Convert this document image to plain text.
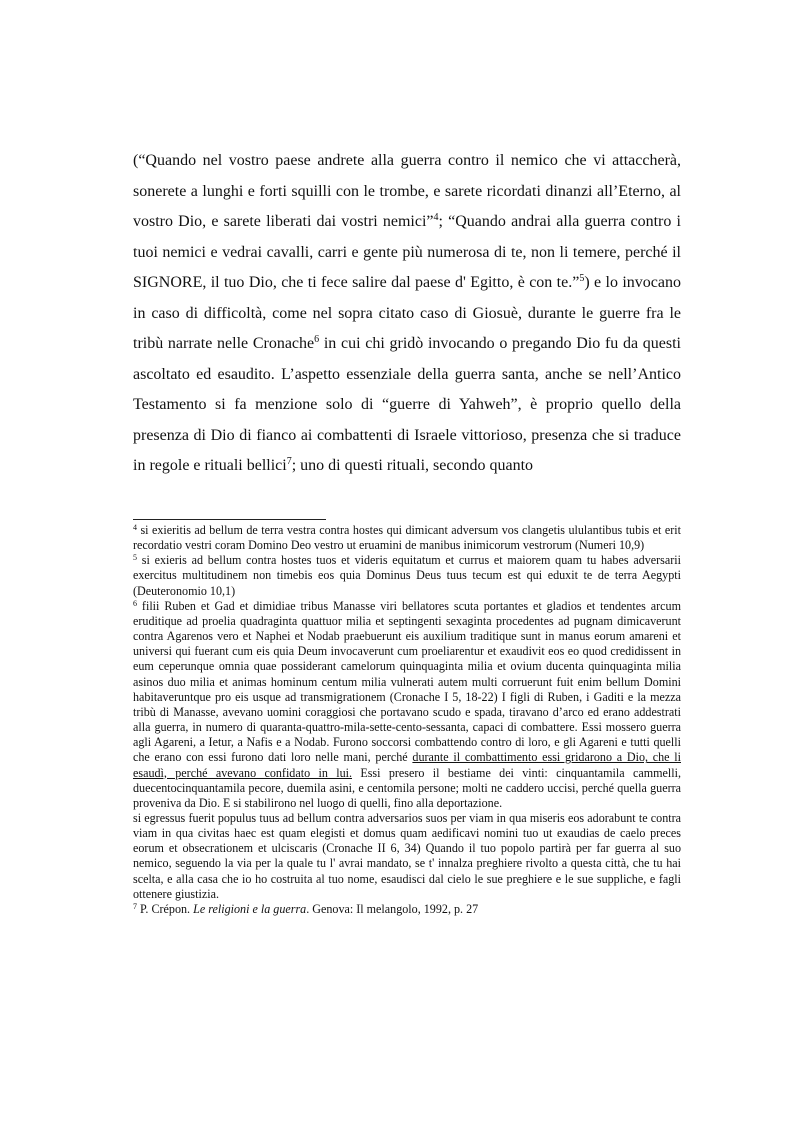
(“Quando nel vostro paese andrete alla guerra contro il nemico che vi attaccherà, sonerete a lunghi e forti squilli con le trombe, e sarete ricordati dinanzi all’Eterno, al vostro Dio, e sarete liberati dai vostri nemici”$^4$; “Quando andrai alla guerra contro i tuoi nemici e vedrai cavalli, carri e gente più numerosa di te, non li temere, perché il SIGNORE, il tuo Dio, che ti fece salire dal paese d' Egitto, è con te.”$^5$) e lo invocano in caso di difficoltà, come nel sopra citato caso di Giosuè, durante le guerre fra le tribù narrate nelle Cronache$^6$ in cui chi gridò invocando o pregando Dio fu da questi ascoltato ed esaudito. L’aspetto essenziale della guerra santa, anche se nell’Antico Testamento si fa menzione solo di “guerre di Yahweh”, è proprio quello della presenza di Dio di fianco ai combattenti di Israele vittorioso, presenza che si traduce in regole e rituali bellici$^7$; uno di questi rituali, secondo quanto

$^4$ si exieritis ad bellum de terra vestra contra hostes qui dimicant adversum vos clangetis ululantibus tubis et erit recordatio vestri coram Domino Deo vestro ut eruamini de manibus inimicorum vestrorum (Numeri 10,9)

$^5$ si exieris ad bellum contra hostes tuos et videris equitatum et currus et maiorem quam tu habes adversarii exercitus multitudinem non timebis eos quia Dominus Deus tuus tecum est qui eduxit te de terra Aegypti (Deuteronomio 10,1)

$^6$ filii Ruben et Gad et dimidiae tribus Manasse viri bellatores scuta portantes et gladios et tendentes arcum eruditique ad proelia quadraginta quattuor milia et septingenti sexaginta procedentes ad pugnam dimicaverunt contra Agarenos vero et Naphei et Nodab praebuerunt eis auxilium traditique sunt in manus eorum amareni et universi qui fuerant cum eis quia Deum invocaverunt cum proeliarentur et exaudivit eos eo quod credidissent in eum ceperunque omnia quae possiderant camelorum quinquaginta milia et ovium ducenta quinquaginta milia asinos duo milia et animas hominum centum milia vulnerati autem multi corruerunt fuit enim bellum Domini habitaveruntque pro eis usque ad transmigrationem (Cronache I 5, 18-22) I figli di Ruben, i Gaditi e la mezza tribù di Manasse, avevano uomini coraggiosi che portavano scudo e spada, tiravano d’arco ed erano addestrati alla guerra, in numero di quaranta-quattro-mila-sette-cento-sessanta, capaci di combattere. Essi mossero guerra agli Agareni, a Ietur, a Nafis e a Nodab. Furono soccorsi combattendo contro di loro, e gli Agareni e tutti quelli che erano con essi furono dati loro nelle mani, perché durante il combattimento essi gridarono a Dio, che li esaudì, perché avevano confidato in lui. Essi presero il bestiame dei vinti: cinquantamila cammelli, duecentocinquantamila pecore, duemila asini, e centomila persone; molti ne caddero uccisi, perché quella guerra proveniva da Dio. E si stabilirono nel luogo di quelli, fino alla deportazione.

si egressus fuerit populus tuus ad bellum contra adversarios suos per viam in qua miseris eos adorabunt te contra viam in qua civitas haec est quam elegisti et domus quam aedificavi nomini tuo ut exaudias de caelo preces eorum et obsecrationem et ulciscaris (Cronache II 6, 34) Quando il tuo popolo partirà per far guerra al suo nemico, seguendo la via per la quale tu l' avrai mandato, se t' innalza preghiere rivolto a questa città, che tu hai scelta, e alla casa che io ho costruita al tuo nome, esaudisci dal cielo le sue preghiere e le sue suppliche, e fagli ottenere giustizia.

$^7$ P. Crépon. Le religioni e la guerra. Genova: Il melangolo, 1992, p. 27
